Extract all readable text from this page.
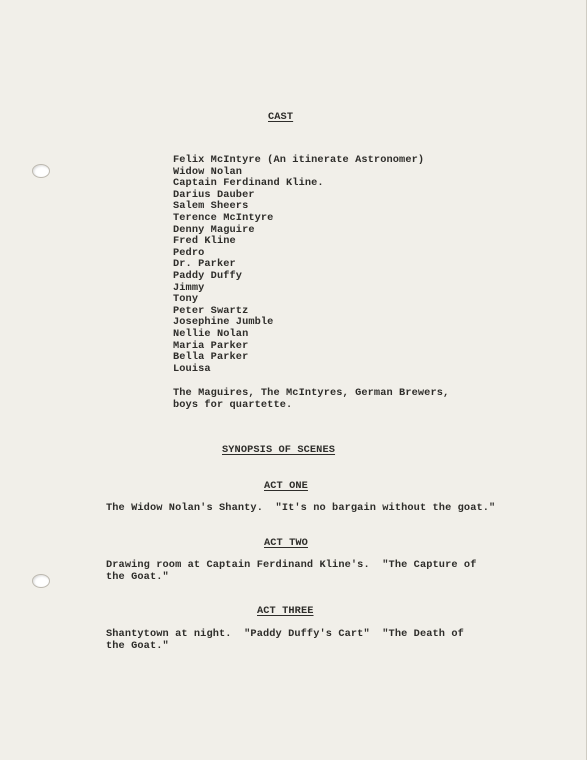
CAST
Felix McIntyre (An itinerate Astronomer)
Widow Nolan
Captain Ferdinand Kline.
Darius Dauber
Salem Sheers
Terence McIntyre
Denny Maguire
Fred Kline
Pedro
Dr. Parker
Paddy Duffy
Jimmy
Tony
Peter Swartz
Josephine Jumble
Nellie Nolan
Maria Parker
Bella Parker
Louisa
The Maguires, The McIntyres, German Brewers,
boys for quartette.
SYNOPSIS OF SCENES
ACT ONE
The Widow Nolan's Shanty.  "It's no bargain without the goat."
ACT TWO
Drawing room at Captain Ferdinand Kline's.  "The Capture of
the Goat."
ACT THREE
Shantytown at night.  "Paddy Duffy's Cart"  "The Death of
the Goat."
